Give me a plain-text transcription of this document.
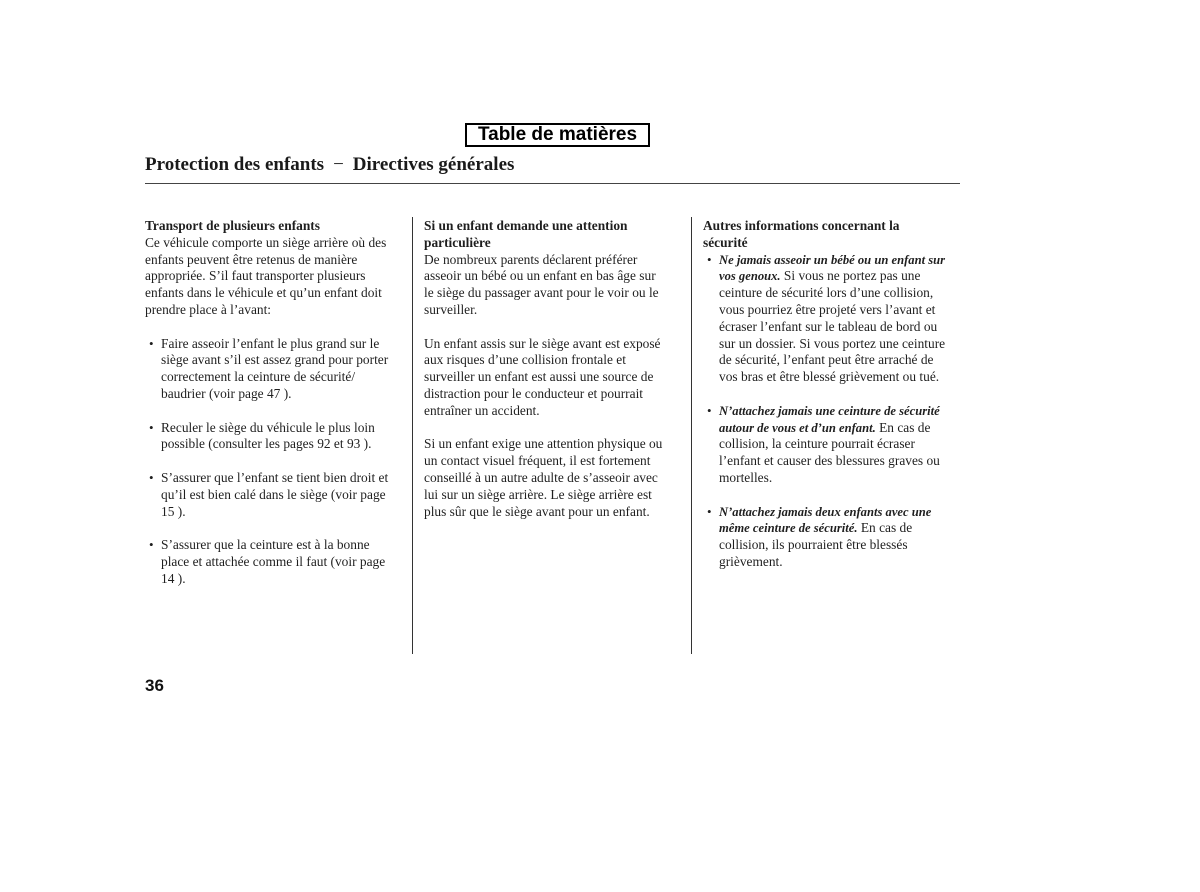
Table de matières
Protection des enfants − Directives générales

Transport de plusieurs enfants

Ce véhicule comporte un siège arrière où des
enfants peuvent être retenus de manière
appropriée. S’il faut transporter plusieurs
enfants dans le véhicule et qu’un enfant doit
prendre place à l’avant:

• Faire asseoir l’enfant le plus grand sur le
siège avant s’il est assez grand pour porter
correctement la ceinture de sécurité/
baudrier (voir page 47 ).

• Reculer le siège du véhicule le plus loin
possible (consulter les pages 92 et 93 ).

• S’assurer que l’enfant se tient bien droit et
qu’il est bien calé dans le siège (voir page
15 ).

• S’assurer que la ceinture est à la bonne
place et attachée comme il faut (voir page
14 ).

Si un enfant demande une attention
particulière

De nombreux parents déclarent préférer
asseoir un bébé ou un enfant en bas âge sur
le siège du passager avant pour le voir ou le
surveiller.

Un enfant assis sur le siège avant est exposé
aux risques d’une collision frontale et
surveiller un enfant est aussi une source de
distraction pour le conducteur et pourrait
entraîner un accident.

Si un enfant exige une attention physique ou
un contact visuel fréquent, il est fortement
conseillé à un autre adulte de s’asseoir avec
lui sur un siège arrière. Le siège arrière est
plus sûr que le siège avant pour un enfant.

Autres informations concernant la
sécurité

• Ne jamais asseoir un bébé ou un enfant sur
vos genoux. Si vous ne portez pas une
ceinture de sécurité lors d’une collision,
vous pourriez être projeté vers l’avant et
écraser l’enfant sur le tableau de bord ou
sur un dossier. Si vous portez une ceinture
de sécurité, l’enfant peut être arraché de
vos bras et être blessé grièvement ou tué.

• N’attachez jamais une ceinture de sécurité
autour de vous et d’un enfant. En cas de
collision, la ceinture pourrait écraser
l’enfant et causer des blessures graves ou
mortelles.

• N’attachez jamais deux enfants avec une
même ceinture de sécurité. En cas de
collision, ils pourraient être blessés
grièvement.

36
